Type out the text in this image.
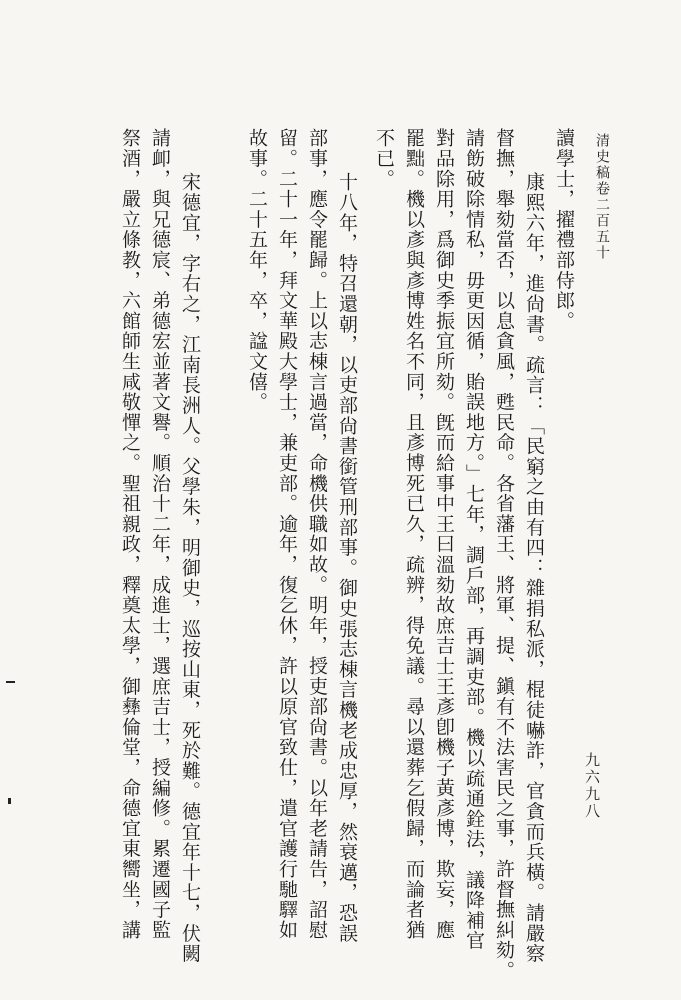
清史稿卷二百五十
九六九八
讀學士，擢禮部侍郎。
康熙六年，進尙書。疏言：「民窮之由有四：雜捐私派，棍徒嚇詐，官貪而兵橫。請嚴察
督撫，舉劾當否，以息貪風，甦民命。各省藩王、將軍、提、鎭有不法害民之事，許督撫糾劾。
請飭破除情私，毋更因循，貽誤地方。」七年，調戶部，再調吏部。機以疏通銓法，議降補官
對品除用，爲御史季振宜所劾。旣而給事中王曰溫劾故庶吉士王彥卽機子黃彥博，欺妄，應
罷黜。機以彥與彥博姓名不同，且彥博死已久，疏辨，得免議。尋以還葬乞假歸，而論者猶
不已。
十八年，特召還朝，以吏部尙書銜管刑部事。御史張志棟言機老成忠厚，然衰邁，恐誤
部事，應令罷歸。上以志棟言過當，命機供職如故。明年，授吏部尙書。以年老請告，詔慰
留。二十一年，拜文華殿大學士，兼吏部。逾年，復乞休，許以原官致仕，遣官護行馳驛如
故事。二十五年，卒，諡文僖。
宋德宜，字右之，江南長洲人。父學朱，明御史，巡按山東，死於難。德宜年十七，伏闕
請卹，與兄德宸、弟德宏並著文譽。順治十二年，成進士，選庶吉士，授編修。累遷國子監
祭酒，嚴立條教，六館師生咸敬憚之。聖祖親政，釋奠太學，御彝倫堂，命德宜東嚮坐，講
